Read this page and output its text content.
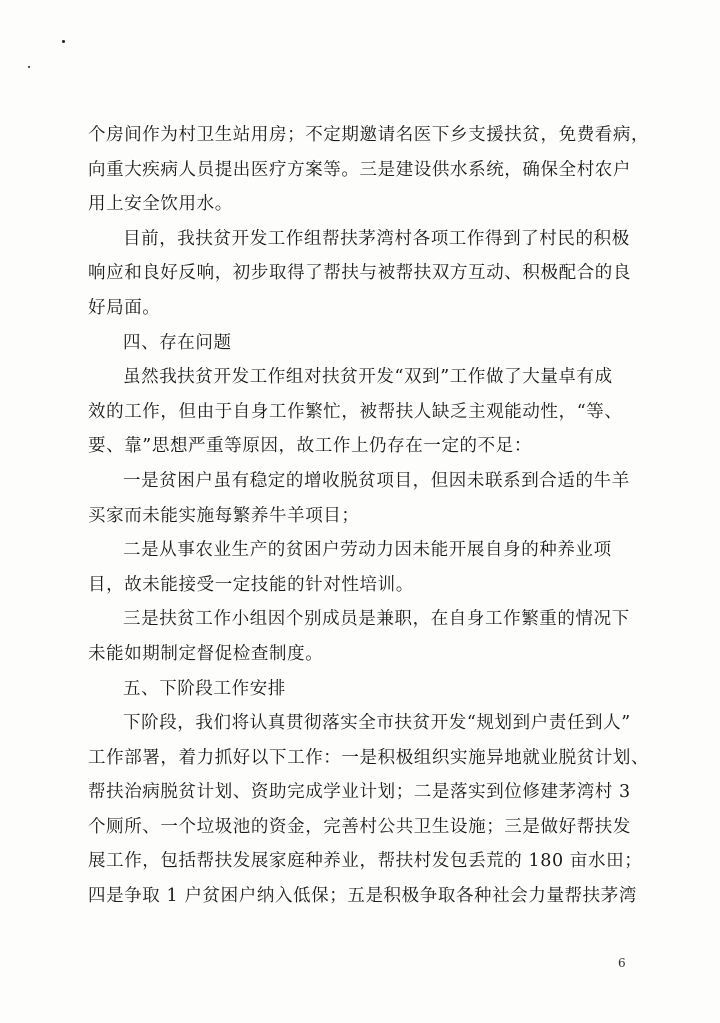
个房间作为村卫生站用房；不定期邀请名医下乡支援扶贫，免费看病，
向重大疾病人员提出医疗方案等。三是建设供水系统，确保全村农户
用上安全饮用水。
目前，我扶贫开发工作组帮扶茅湾村各项工作得到了村民的积极
响应和良好反响，初步取得了帮扶与被帮扶双方互动、积极配合的良
好局面。
四、存在问题
虽然我扶贫开发工作组对扶贫开发“双到”工作做了大量卓有成
效的工作，但由于自身工作繁忙，被帮扶人缺乏主观能动性，“等、
要、靠”思想严重等原因，故工作上仍存在一定的不足：
一是贫困户虽有稳定的增收脱贫项目，但因未联系到合适的牛羊
买家而未能实施每繁养牛羊项目；
二是从事农业生产的贫困户劳动力因未能开展自身的种养业项
目，故未能接受一定技能的针对性培训。
三是扶贫工作小组因个别成员是兼职，在自身工作繁重的情况下
未能如期制定督促检查制度。
五、下阶段工作安排
下阶段，我们将认真贯彻落实全市扶贫开发“规划到户责任到人”
工作部署，着力抓好以下工作：一是积极组织实施异地就业脱贫计划、
帮扶治病脱贫计划、资助完成学业计划；二是落实到位修建茅湾村 3
个厕所、一个垃圾池的资金，完善村公共卫生设施；三是做好帮扶发
展工作，包括帮扶发展家庭种养业，帮扶村发包丢荒的 180 亩水田；
四是争取 1 户贫困户纳入低保；五是积极争取各种社会力量帮扶茅湾
6
